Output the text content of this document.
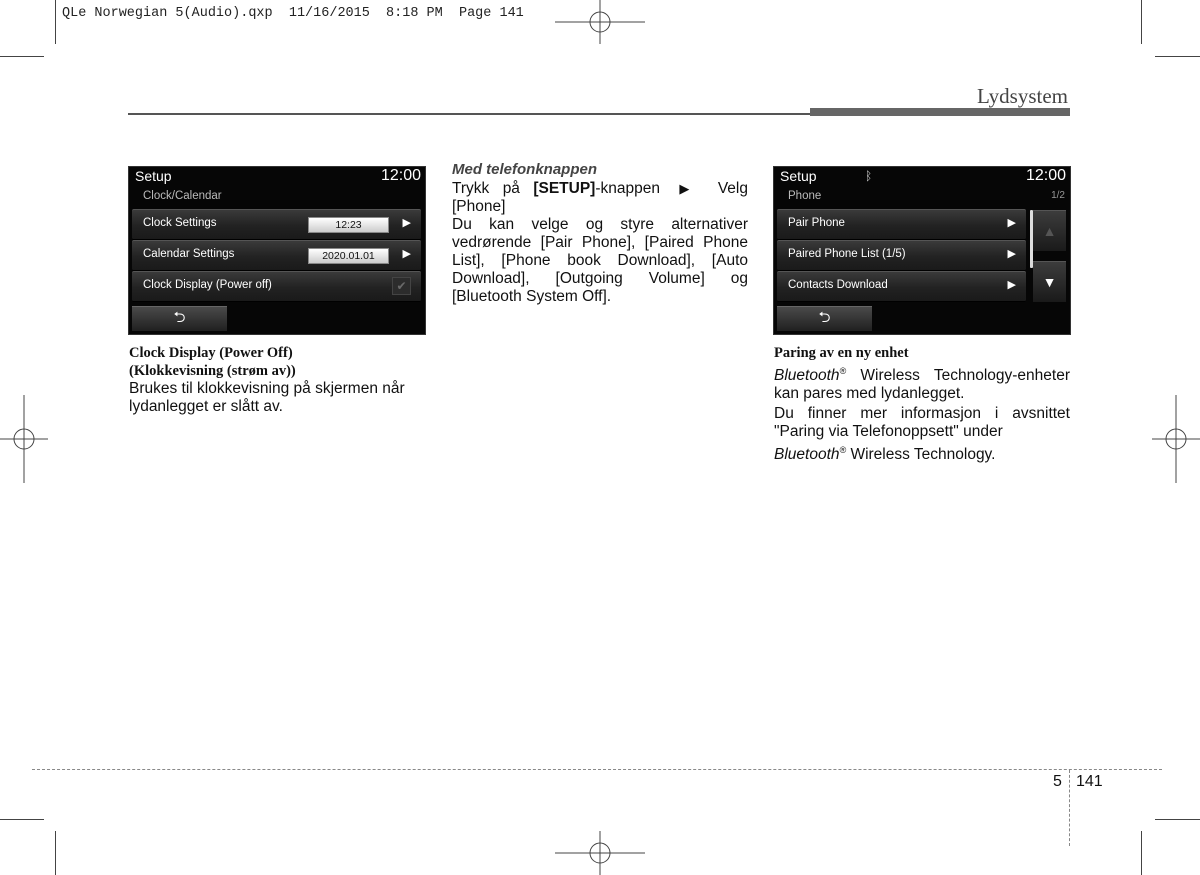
QLe Norwegian 5(Audio).qxp  11/16/2015  8:18 PM  Page 141
Lydsystem
Setup	12:00
Clock/Calendar
Clock Settings	12:23	▶
Calendar Settings	2020.01.01	▶
Clock Display (Power off)	✔
⮌
Clock Display (Power Off)
(Klokkevisning (strøm av))
Brukes til klokkevisning på skjermen når lydanlegget er slått av.
Med telefonknappen
Trykk på [SETUP]-knappen ▶ Velg [Phone]
Du kan velge og styre alternativer vedrørende [Pair Phone], [Paired Phone List], [Phone book Download], [Auto Download], [Outgoing Volume] og [Bluetooth System Off].
Setup	ᛒ	12:00
Phone	1/2
Pair Phone	▶
Paired Phone List (1/5)	▶
Contacts Download	▶
▲
▼
⮌
Paring av en ny enhet
Bluetooth® Wireless Technology-enheter kan pares med lydanlegget.
Du finner mer informasjon i avsnittet "Paring via Telefonoppsett" under
Bluetooth® Wireless Technology.
5 141
